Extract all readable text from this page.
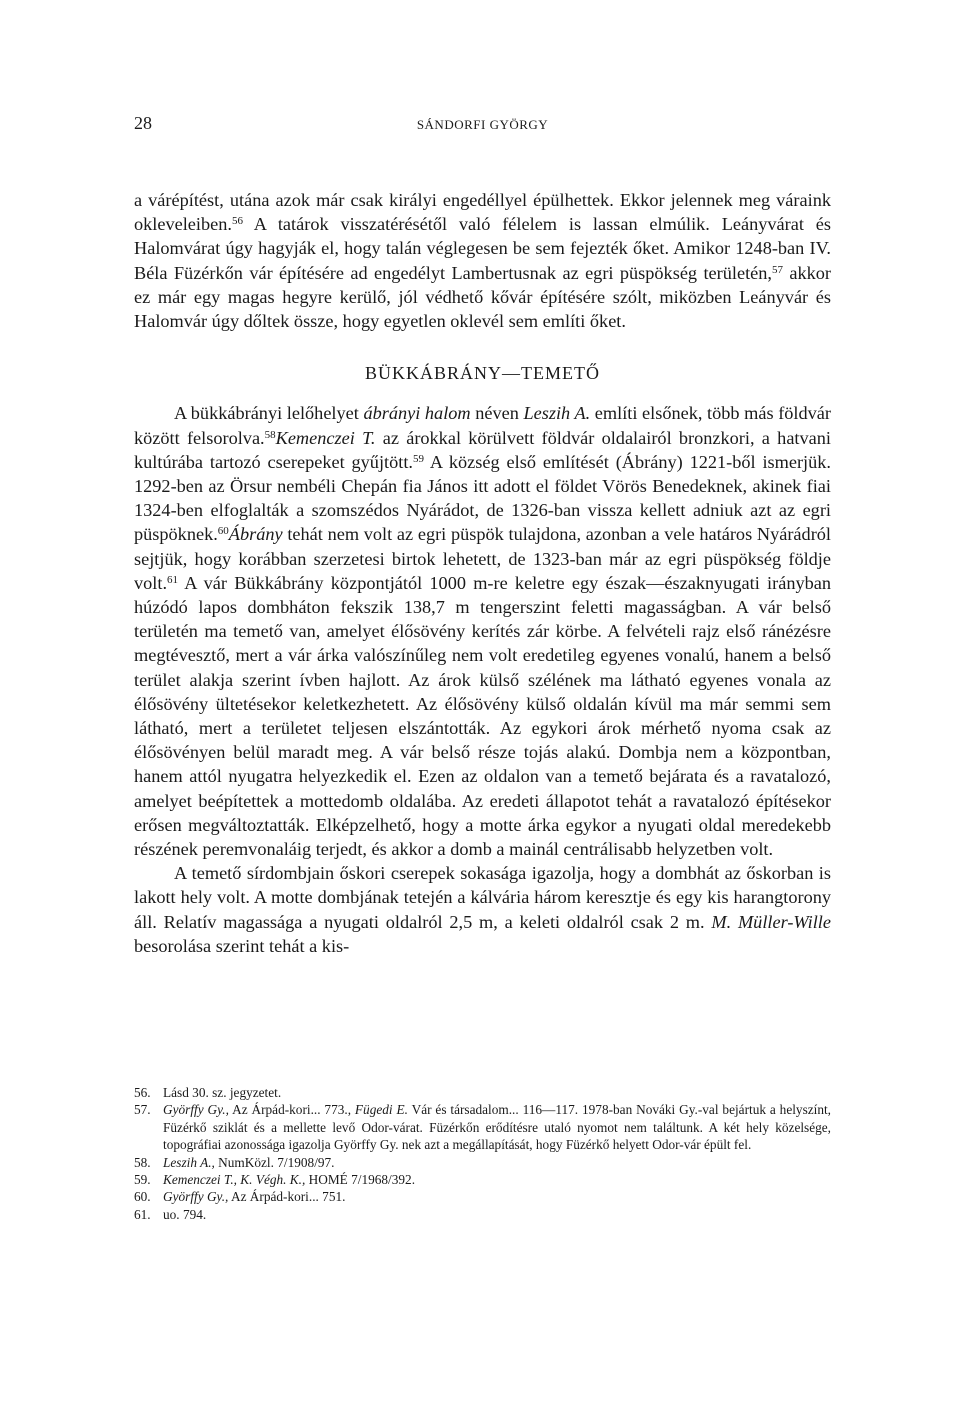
28	SÁNDORFI GYÖRGY

a várépítést, utána azok már csak királyi engedéllyel épülhettek. Ekkor jelennek meg váraink okleveleiben.$^{56}$ A tatárok visszatérésétől való félelem is lassan elmúlik. Leányvárat és Halomvárat úgy hagyják el, hogy talán véglegesen be sem fejezték őket. Amikor 1248-ban IV. Béla Füzérkőn vár építésére ad engedélyt Lambertusnak az egri püspökség területén,$^{57}$ akkor ez már egy magas hegyre kerülő, jól védhető kővár építésére szólt, miközben Leányvár és Halomvár úgy dőltek össze, hogy egyetlen oklevél sem említi őket.

BÜKKÁBRÁNY—TEMETŐ

A bükkábrányi lelőhelyet ábrányi halom néven Leszih A. említi elsőnek, több más földvár között felsorolva.$^{58}$Kemenczei T. az árokkal körülvett földvár oldalairól bronzkori, a hatvani kultúrába tartozó cserepeket gyűjtött.$^{59}$ A község első említését (Ábrány) 1221-ből ismerjük. 1292-ben az Örsur nembéli Chepán fia János itt adott el földet Vörös Benedeknek, akinek fiai 1324-ben elfoglalták a szomszédos Nyárádot, de 1326-ban vissza kellett adniuk azt az egri püspöknek.$^{60}$Ábrány tehát nem volt az egri püspök tulajdona, azonban a vele határos Nyárádról sejtjük, hogy korábban szerzetesi birtok lehetett, de 1323-ban már az egri püspökség földje volt.$^{61}$ A vár Bükkábrány központjától 1000 m-re keletre egy észak—északnyugati irányban húzódó lapos dombháton fekszik 138,7 m tengerszint feletti magasságban. A vár belső területén ma temető van, amelyet élősövény kerítés zár körbe. A felvételi rajz első ránézésre megtévesztő, mert a vár árka valószínűleg nem volt eredetileg egyenes vonalú, hanem a belső terület alakja szerint ívben hajlott. Az árok külső szélének ma látható egyenes vonala az élősövény ültetésekor keletkezhetett. Az élősövény külső oldalán kívül ma már semmi sem látható, mert a területet teljesen elszántották. Az egykori árok mérhető nyoma csak az élősövényen belül maradt meg. A vár belső része tojás alakú. Dombja nem a központban, hanem attól nyugatra helyezkedik el. Ezen az oldalon van a temető bejárata és a ravatalozó, amelyet beépítettek a mottedomb oldalába. Az eredeti állapotot tehát a ravatalozó építésekor erősen megváltoztatták. Elképzelhető, hogy a motte árka egykor a nyugati oldal meredekebb részének peremvonaláig terjedt, és akkor a domb a mainál centrálisabb helyzetben volt.

A temető sírdombjain őskori cserepek sokasága igazolja, hogy a dombhát az őskorban is lakott hely volt. A motte dombjának tetején a kálvária három keresztje és egy kis harangtorony áll. Relatív magassága a nyugati oldalról 2,5 m, a keleti oldalról csak 2 m. M. Müller-Wille besorolása szerint tehát a kis-

56. Lásd 30. sz. jegyzetet.

57. Györffy Gy., Az Árpád-kori... 773., Fügedi E. Vár és társadalom... 116—117. 1978-ban Nováki Gy.-val bejártuk a helyszínt, Füzérkő sziklát és a mellette levő Odor-várat. Füzérkőn erődítésre utaló nyomot nem találtunk. A két hely közelsége, topográfiai azonossága igazolja Györffy Gy. nek azt a megállapítását, hogy Füzérkő helyett Odor-vár épült fel.

58. Leszih A., NumKözl. 7/1908/97.

59. Kemenczei T., K. Végh. K., HOMÉ 7/1968/392.

60. Györffy Gy., Az Árpád-kori... 751.

61. uo. 794.
